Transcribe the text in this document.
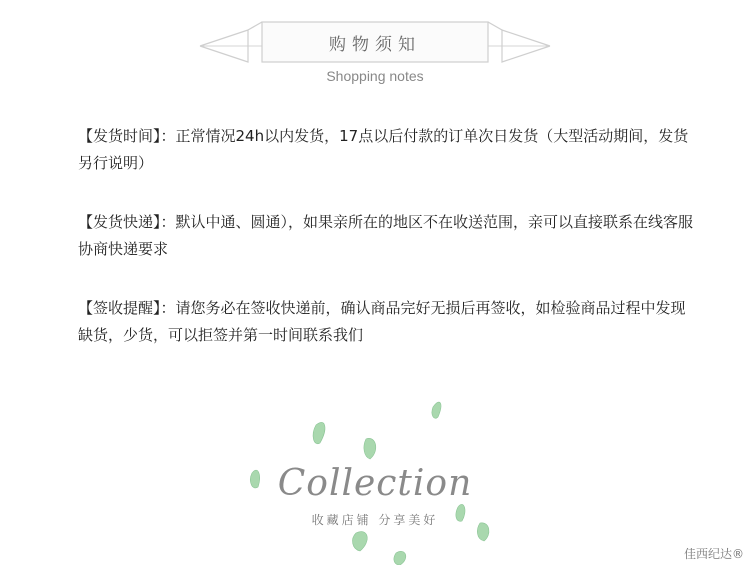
购物须知
Shopping notes
【发货时间】：正常情况24h以内发货，17点以后付款的订单次日发货（大型活动期间，发货另行说明）
【发货快递】：默认中通、圆通），如果亲所在的地区不在收送范围，亲可以直接联系在线客服协商快递要求
【签收提醒】：请您务必在签收快递前，确认商品完好无损后再签收，如检验商品过程中发现缺货，少货，可以拒签并第一时间联系我们
Collection
收藏店铺 分享美好
佳西纪达®
